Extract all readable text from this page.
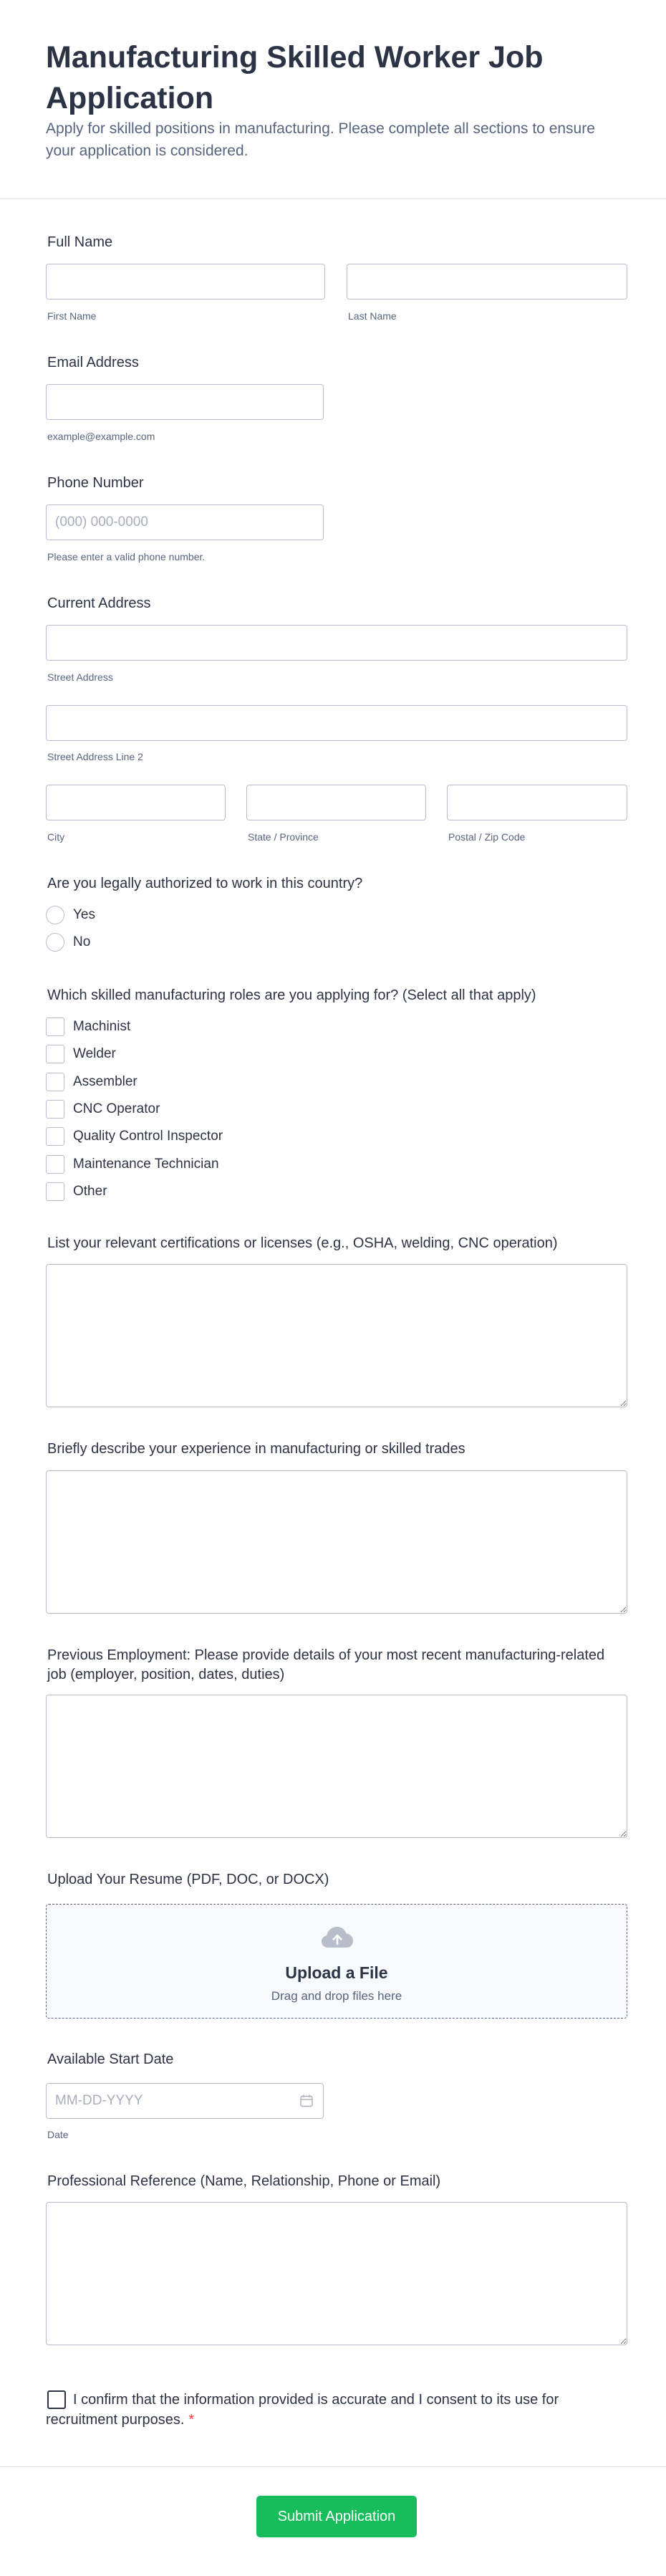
Manufacturing Skilled Worker Job Application

Apply for skilled positions in manufacturing. Please complete all sections to ensure your application is considered.

Full Name
First Name	Last Name
Email Address
example@example.com
Phone Number
(000) 000-0000
Please enter a valid phone number.
Current Address
Street Address
Street Address Line 2
City	State / Province	Postal / Zip Code
Are you legally authorized to work in this country?
Yes
No
Which skilled manufacturing roles are you applying for? (Select all that apply)
Machinist
Welder
Assembler
CNC Operator
Quality Control Inspector
Maintenance Technician
Other
List your relevant certifications or licenses (e.g., OSHA, welding, CNC operation)
Briefly describe your experience in manufacturing or skilled trades
Previous Employment: Please provide details of your most recent manufacturing-related job (employer, position, dates, duties)
Upload Your Resume (PDF, DOC, or DOCX)
Upload a File
Drag and drop files here
Available Start Date
MM-DD-YYYY
Date
Professional Reference (Name, Relationship, Phone or Email)
I confirm that the information provided is accurate and I consent to its use for recruitment purposes. *
Submit Application
